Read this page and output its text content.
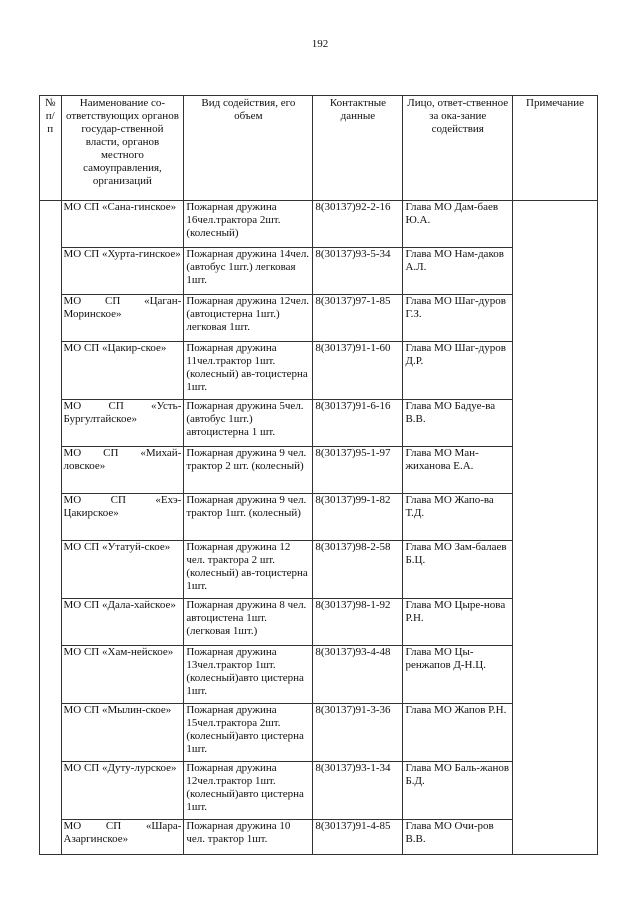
192
№ п/ п	Наименование со-ответствующих органов государ-ственной власти, органов местного самоуправления, организаций	Вид содействия, его объем	Контактные данные	Лицо, ответ-ственное за ока-зание содействия	Примечание
	МО СП «Сана-гинское»	Пожарная дружина 16чел.трактора 2шт.(колесный)	8(30137)92-2-16	Глава МО Дам-баев Ю.А.	
	МО СП «Хурта-гинское»	Пожарная дружина 14чел. (автобус 1шт.) легковая 1шт.	8(30137)93-5-34	Глава МО Нам-даков А.Л.	
	МО СП «Цаган-Моринское»	Пожарная дружина 12чел. (автоцистерна 1шт.) легковая 1шт.	8(30137)97-1-85	Глава МО Шаг-дуров Г.З.	
	МО СП «Цакир-ское»	Пожарная дружина 11чел.трактор 1шт.(колесный) ав-тоцистерна 1шт.	8(30137)91-1-60	Глава МО Шаг-дуров Д.Р.	
	МО СП «Усть-Бургултайское»	Пожарная дружина 5чел. (автобус 1шт.) автоцистерна 1 шт.	8(30137)91-6-16	Глава МО Бадуе-ва В.В.	
	МО СП «Михай-ловское»	Пожарная дружина 9 чел. трактор 2 шт. (колесный)	8(30137)95-1-97	Глава МО Ман-жиханова Е.А.	
	МО СП «Ехэ-Цакирское»	Пожарная дружина 9 чел. трактор 1шт. (колесный)	8(30137)99-1-82	Глава МО Жапо-ва Т.Д.	
	МО СП «Утатуй-ское»	Пожарная дружина 12 чел. трактора 2 шт. (колесный) ав-тоцистерна 1шт.	8(30137)98-2-58	Глава МО Зам-балаев Б.Ц.	
	МО СП «Дала-хайское»	Пожарная дружина 8 чел. автоцистена 1шт. (легковая 1шт.)	8(30137)98-1-92	Глава МО Цыре-нова Р.Н.	
	МО СП «Хам-нейское»	Пожарная дружина 13чел.трактор 1шт.(колесный)авто цистерна 1шт.	8(30137)93-4-48	Глава МО Цы-ренжапов Д-Н.Ц.	
	МО СП «Мылин-ское»	Пожарная дружина 15чел.трактора 2шт.(колесный)авто цистерна 1шт.	8(30137)91-3-36	Глава МО Жапов Р.Н.	
	МО СП «Дуту-лурское»	Пожарная дружина 12чел.трактор 1шт.(колесный)авто цистерна 1шт.	8(30137)93-1-34	Глава МО Баль-жанов Б.Д.	
	МО СП «Шара-Азаргинское»	Пожарная дружина 10 чел. трактор 1шт.	8(30137)91-4-85	Глава МО Очи-ров В.В.	
